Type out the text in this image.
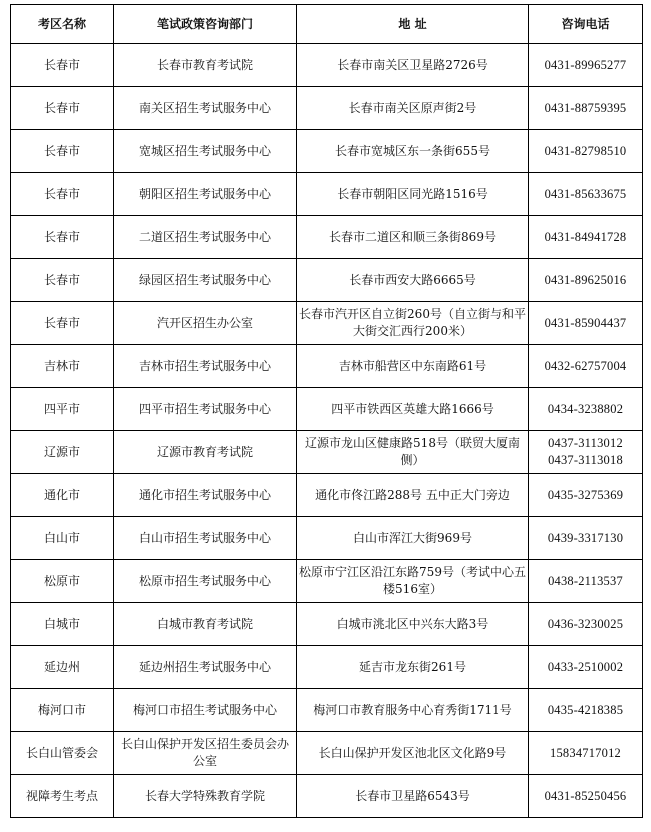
考区名称	笔试政策咨询部门	地 址	咨询电话
长春市	长春市教育考试院	长春市南关区卫星路2726号	0431-89965277

长春市	南关区招生考试服务中心	长春市南关区原声街2号	0431-88759395

长春市	宽城区招生考试服务中心	长春市宽城区东一条街655号	0431-82798510

长春市	朝阳区招生考试服务中心	长春市朝阳区同光路1516号	0431-85633675

长春市	二道区招生考试服务中心	长春市二道区和顺三条街869号	0431-84941728

长春市	绿园区招生考试服务中心	长春市西安大路6665号	0431-89625016

长春市	汽开区招生办公室	长春市汽开区自立街260号（自立街与和平大街交汇西行200米）	0431-85904437

吉林市	吉林市招生考试服务中心	吉林市船营区中东南路61号	0432-62757004

四平市	四平市招生考试服务中心	四平市铁西区英雄大路1666号	0434-3238802

辽源市	辽源市教育考试院	辽源市龙山区健康路518号（联贸大厦南侧）	0437-3113012
0437-3113018

通化市	通化市招生考试服务中心	通化市佟江路288号 五中正大门旁边	0435-3275369

白山市	白山市招生考试服务中心	白山市浑江大街969号	0439-3317130

松原市	松原市招生考试服务中心	松原市宁江区沿江东路759号（考试中心五楼516室）	0438-2113537

白城市	白城市教育考试院	白城市洮北区中兴东大路3号	0436-3230025

延边州	延边州招生考试服务中心	延吉市龙东街261号	0433-2510002

梅河口市	梅河口市招生考试服务中心	梅河口市教育服务中心育秀街1711号	0435-4218385

长白山管委会	长白山保护开发区招生委员会办公室	长白山保护开发区池北区文化路9号	15834717012

视障考生考点	长春大学特殊教育学院	长春市卫星路6543号	0431-85250456
